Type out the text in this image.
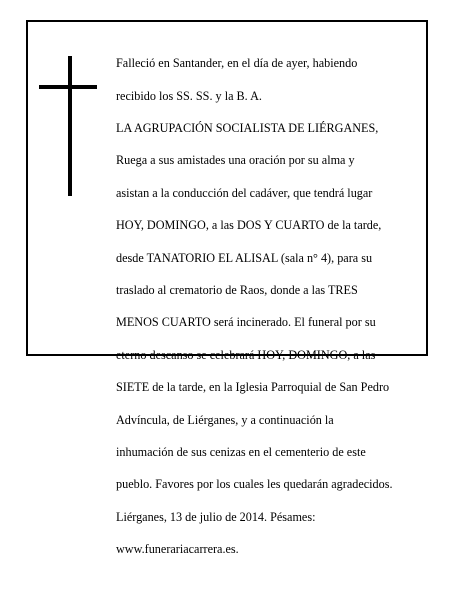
Falleció en Santander, en el día de ayer, habiendo

recibido los SS. SS. y la B. A.

LA AGRUPACIÓN SOCIALISTA DE LIÉRGANES,

Ruega a sus amistades una oración por su alma y

asistan a la conducción del cadáver, que tendrá lugar

HOY, DOMINGO, a las DOS Y CUARTO de la tarde,

desde TANATORIO EL ALISAL (sala n° 4), para su

traslado al crematorio de Raos, donde a las TRES

MENOS CUARTO será incinerado. El funeral por su

eterno descanso se celebrará HOY, DOMINGO, a las

SIETE de la tarde, en la Iglesia Parroquial de San Pedro

Advíncula, de Liérganes, y a continuación la

inhumación de sus cenizas en el cementerio de este

pueblo. Favores por los cuales les quedarán agradecidos.

Liérganes, 13 de julio de 2014. Pésames:

www.funerariacarrera.es.
